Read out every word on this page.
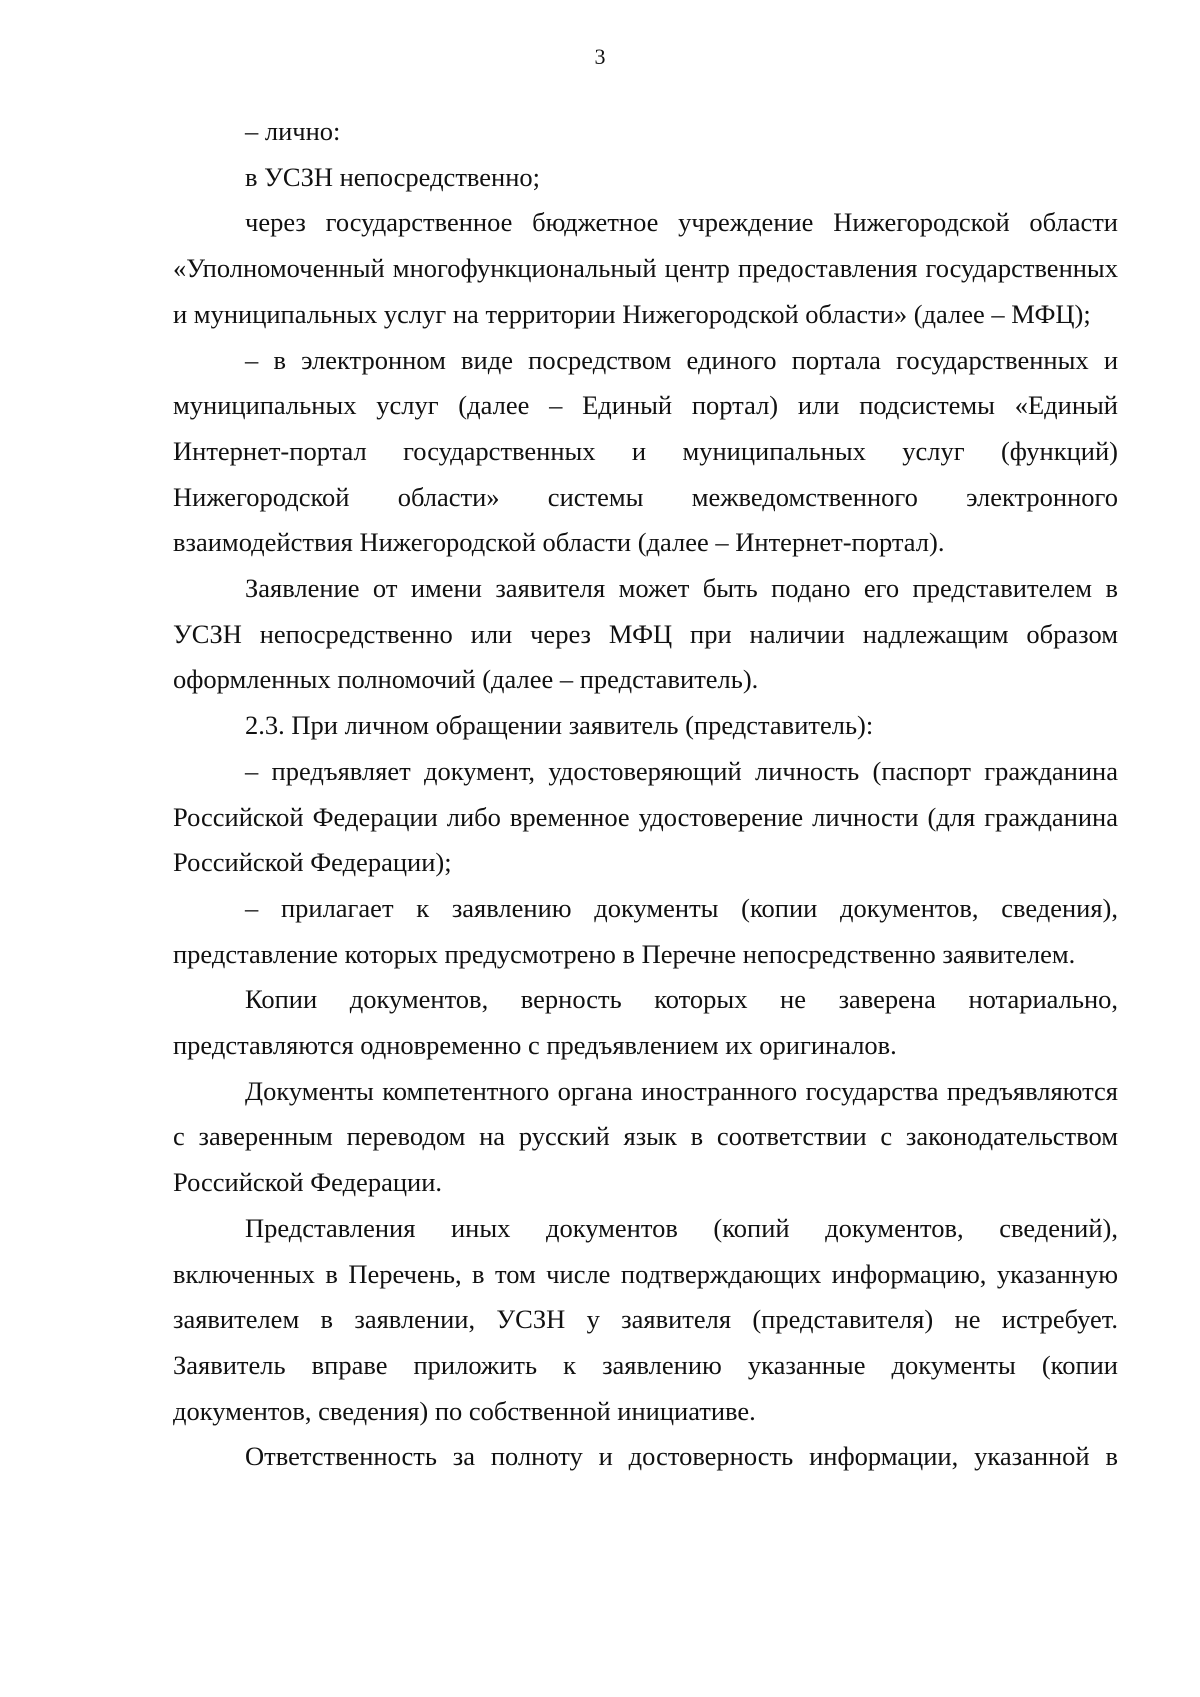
3

– лично:

в УСЗН непосредственно;

через государственное бюджетное учреждение Нижегородской области «Уполномоченный многофункциональный центр предоставления государственных и муниципальных услуг на территории Нижегородской области» (далее – МФЦ);

– в электронном виде посредством единого портала государственных и муниципальных услуг (далее – Единый портал) или подсистемы «Единый Интернет-портал государственных и муниципальных услуг (функций) Нижегородской области» системы межведомственного электронного взаимодействия Нижегородской области (далее – Интернет-портал).

Заявление от имени заявителя может быть подано его представителем в УСЗН непосредственно или через МФЦ при наличии надлежащим образом оформленных полномочий (далее – представитель).

2.3. При личном обращении заявитель (представитель):

– предъявляет документ, удостоверяющий личность (паспорт гражданина Российской Федерации либо временное удостоверение личности (для гражданина Российской Федерации);

– прилагает к заявлению документы (копии документов, сведения), представление которых предусмотрено в Перечне непосредственно заявителем.

Копии документов, верность которых не заверена нотариально, представляются одновременно с предъявлением их оригиналов.

Документы компетентного органа иностранного государства предъявляются с заверенным переводом на русский язык в соответствии с законодательством Российской Федерации.

Представления иных документов (копий документов, сведений), включенных в Перечень, в том числе подтверждающих информацию, указанную заявителем в заявлении, УСЗН у заявителя (представителя) не истребует. Заявитель вправе приложить к заявлению указанные документы (копии документов, сведения) по собственной инициативе.

Ответственность за полноту и достоверность информации, указанной в
